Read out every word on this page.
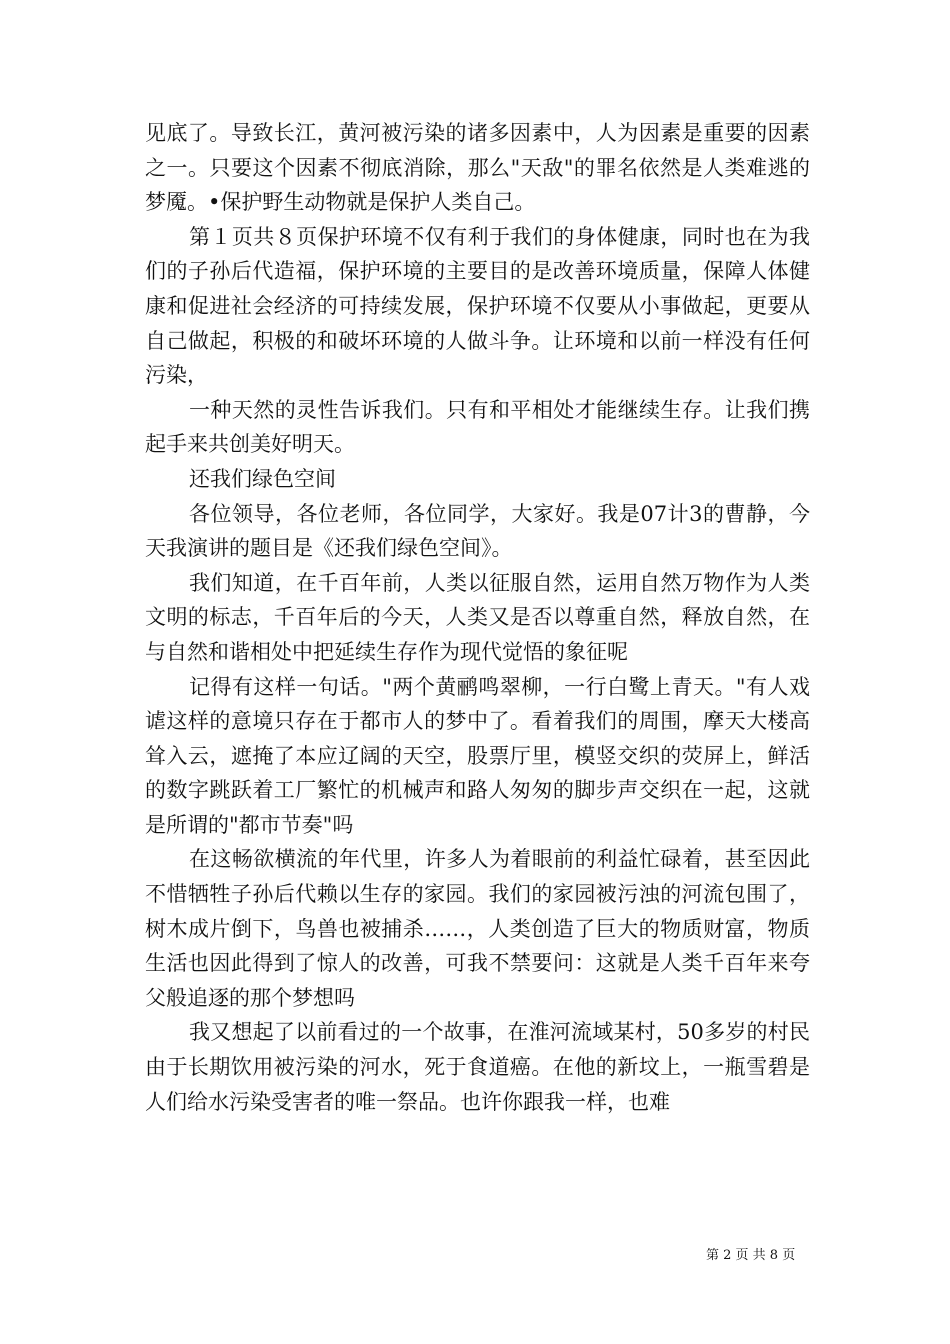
见底了。导致长江，黄河被污染的诸多因素中，人为因素是重要的因素之一。只要这个因素不彻底消除，那么"天敌"的罪名依然是人类难逃的梦魇。•保护野生动物就是保护人类自己。

第１页共８页保护环境不仅有利于我们的身体健康，同时也在为我们的子孙后代造福，保护环境的主要目的是改善环境质量，保障人体健康和促进社会经济的可持续发展，保护环境不仅要从小事做起，更要从自己做起，积极的和破坏环境的人做斗争。让环境和以前一样没有任何污染，

一种天然的灵性告诉我们。只有和平相处才能继续生存。让我们携起手来共创美好明天。

还我们绿色空间

各位领导，各位老师，各位同学，大家好。我是07计3的曹静，今天我演讲的题目是《还我们绿色空间》。

我们知道，在千百年前，人类以征服自然，运用自然万物作为人类文明的标志，千百年后的今天，人类又是否以尊重自然，释放自然，在与自然和谐相处中把延续生存作为现代觉悟的象征呢

记得有这样一句话。"两个黄鹂鸣翠柳，一行白鹭上青天。"有人戏谑这样的意境只存在于都市人的梦中了。看着我们的周围，摩天大楼高耸入云，遮掩了本应辽阔的天空，股票厅里，模竖交织的荧屏上，鲜活的数字跳跃着工厂繁忙的机械声和路人匆匆的脚步声交织在一起，这就是所谓的"都市节奏"吗

在这畅欲横流的年代里，许多人为着眼前的利益忙碌着，甚至因此不惜牺牲子孙后代赖以生存的家园。我们的家园被污浊的河流包围了，树木成片倒下，鸟兽也被捕杀……，人类创造了巨大的物质财富，物质生活也因此得到了惊人的改善，可我不禁要问：这就是人类千百年来夸父般追逐的那个梦想吗

我又想起了以前看过的一个故事，在淮河流域某村，50多岁的村民由于长期饮用被污染的河水，死于食道癌。在他的新坟上，一瓶雪碧是人们给水污染受害者的唯一祭品。也许你跟我一样，也难

第 2 页 共 8 页
